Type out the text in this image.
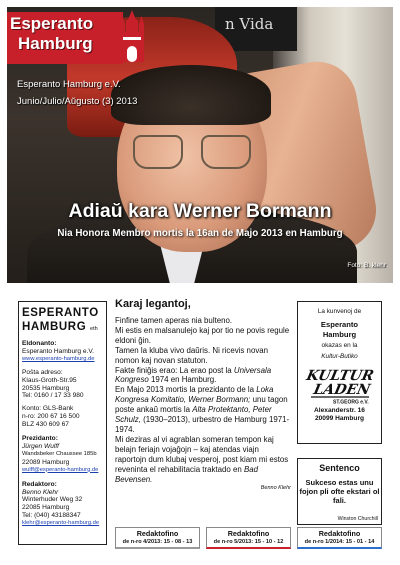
n Vida
Esperanto
Hamburg
Esperanto Hamburg e.V.
Junio/Julio/Aŭgusto (3) 2013
Adiaŭ kara Werner Bormann
Nia Honora Membro mortis la 16an de Majo 2013 en Hamburg
Foto: B. klehr
ESPERANTO
HAMBURG eth
Eldonanto:
Esperanto Hamburg e.V.
www.esperanto-hamburg.de
Poŝta adreso:
Klaus-Groth-Str.95
20535 Hamburg
Tel: 0160 / 17 33 980
Konto: GLS-Bank
n-ro: 200 67 16 500
BLZ 430 609 67
Prezidanto:
Jürgen Wulff
Wandsbeker Chaussee 185b
22089 Hamburg
wulff@esperanto-hamburg.de
Redaktoro:
Benno Klehr
Winterhuder Weg 32
22085 Hamburg
Tel: (040) 43188347
klehr@esperanto-hamburg.de
Karaj legantoj,

Finfine tamen aperas nia bulteno.

Mi estis en malsanulejo kaj por tio ne povis regule eldoni ĝin.

Tamen la kluba vivo daŭris. Ni ricevis novan nomon kaj novan statuton.

Fakte finiĝis erao: La erao post la Universala Kongreso 1974 en Hamburg.

En Majo 2013 mortis la prezidanto de la Loka Kongresa Komitatio, Werner Bormann; unu tagon poste ankaŭ mortis la Alta Protektanto, Peter Schulz, (1930–2013), urbestro de Hamburg 1971-1974.

Mi deziras al vi agrablan someran tempon kaj belajn feriajn vojaĝojn – kaj atendas viajn raportojn dum klubaj vesperoj, post kiam mi estos reveninta el rehabilitacia traktado en Bad Bevensen.

Benno Klehr
La kunvenoj de
Esperanto
Hamburg
okazas en la
Kultur-Butiko
KULTUR
LADEN
ST.GEORG e.V.
Alexanderstr. 16
20099 Hamburg
Sentenco
Sukceso estas unu fojon pli ofte ekstari ol fali.
Winston Churchill
Redaktofino
de n-ro 4/2013: 15 - 08 - 13
Redaktofino
de n-ro 5/2013: 15 - 10 - 12
Redaktofino
de n-ro 1/2014: 15 - 01 - 14
